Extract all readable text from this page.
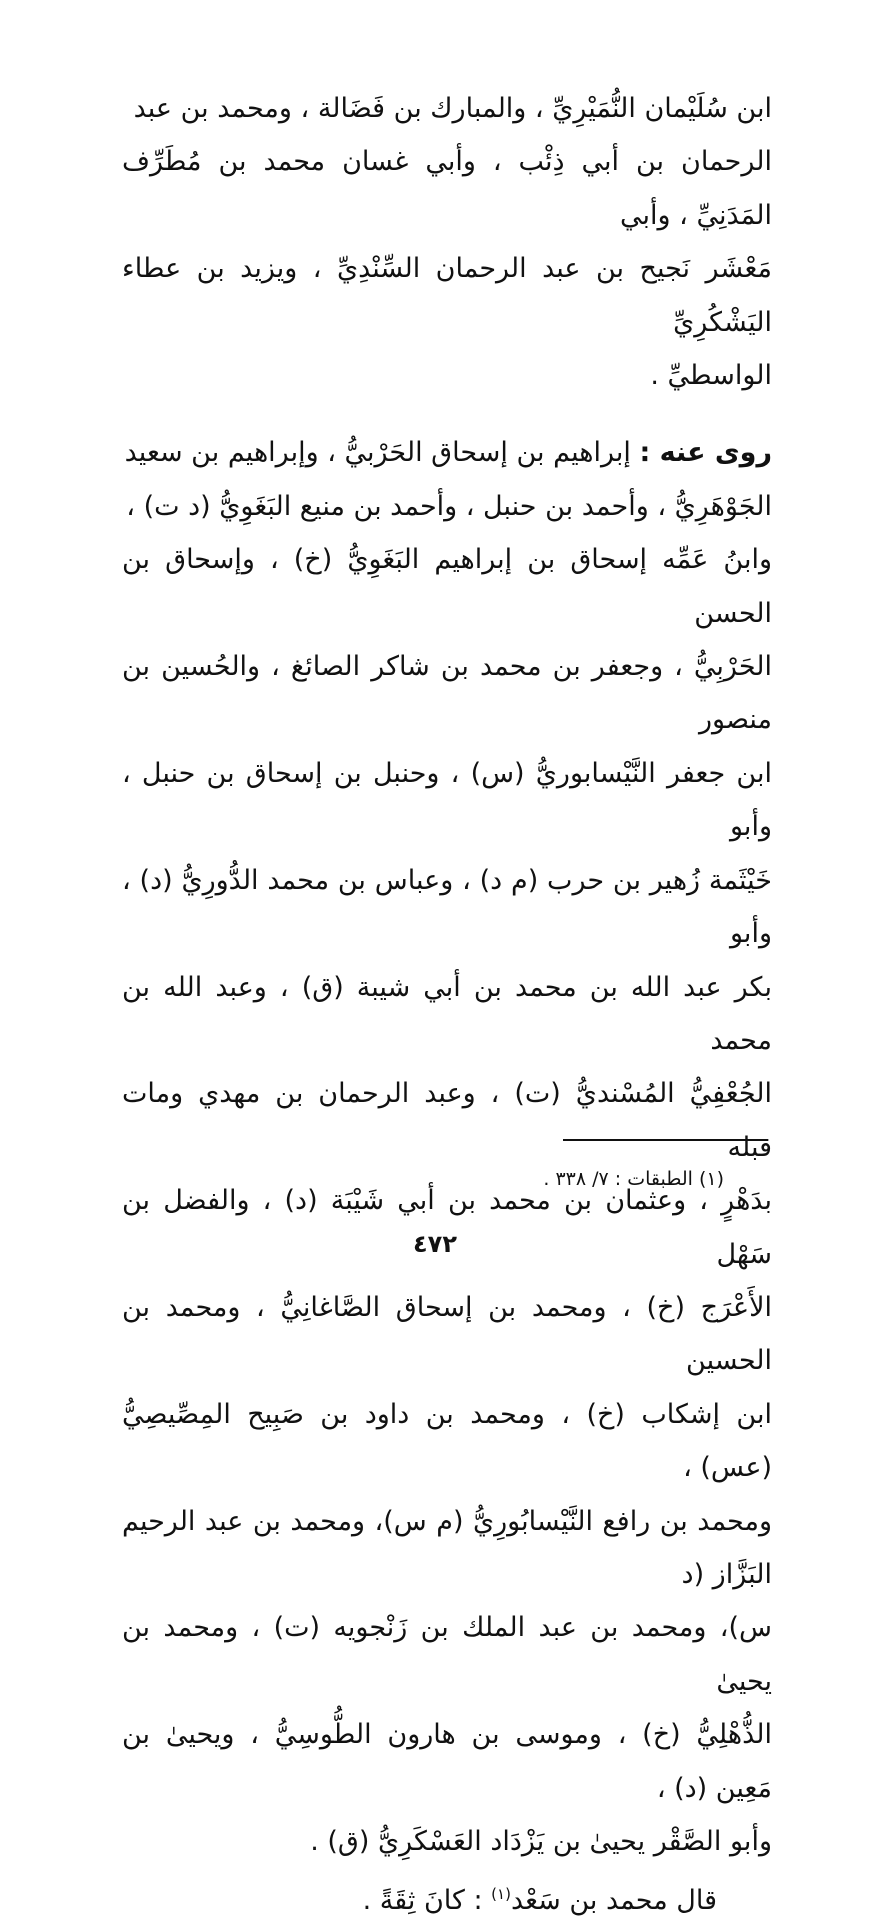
ابن سُلَيْمان النُّمَيْرِيِّ ، والمبارك بن فَضَالة ، ومحمد بن عبد
الرحمان بن أبي ذِئْب ، وأبي غسان محمد بن مُطَرِّف المَدَنِيِّ ، وأبي
مَعْشَر نَجيح بن عبد الرحمان السِّنْدِيِّ ، ويزيد بن عطاء اليَشْكُرِيِّ
الواسطيِّ .

روى عنه : إبراهيم بن إسحاق الحَرْبيُّ ، وإبراهيم بن سعيد
الجَوْهَرِيُّ ، وأحمد بن حنبل ، وأحمد بن منيع البَغَوِيُّ (د ت) ،
وابنُ عَمِّه إسحاق بن إبراهيم البَغَوِيُّ (خ) ، وإسحاق بن الحسن
الحَرْبِيُّ ، وجعفر بن محمد بن شاكر الصائغ ، والحُسين بن منصور
ابن جعفر النَّيْسابوريُّ (س) ، وحنبل بن إسحاق بن حنبل ، وأبو
خَيْثَمة زُهير بن حرب (م د) ، وعباس بن محمد الدُّورِيُّ (د) ، وأبو
بكر عبد الله بن محمد بن أبي شيبة (ق) ، وعبد الله بن محمد
الجُعْفِيُّ المُسْنديُّ (ت) ، وعبد الرحمان بن مهدي ومات قبله
بدَهْرٍ ، وعثمان بن محمد بن أبي شَيْبَة (د) ، والفضل بن سَهْل
الأَعْرَج (خ) ، ومحمد بن إسحاق الصَّاغانِيُّ ، ومحمد بن الحسين
ابن إشكاب (خ) ، ومحمد بن داود بن صَبِيح المِصِّيصِيُّ (عس) ،
ومحمد بن رافع النَّيْسابُورِيُّ (م س)، ومحمد بن عبد الرحيم البَزَّاز (د
س)، ومحمد بن عبد الملك بن زَنْجويه (ت) ، ومحمد بن يحيىٰ
الذُّهْلِيُّ (خ) ، وموسى بن هارون الطُّوسِيُّ ، ويحيىٰ بن مَعِين (د) ،
وأبو الصَّقْر يحيىٰ بن يَزْدَاد العَسْكَرِيُّ (ق) .

قال محمد بن سَعْد$^{(١)}$ : كانَ ثِقَةً .

(١) الطبقات : ٧/ ٣٣٨ .
٤٧٢
